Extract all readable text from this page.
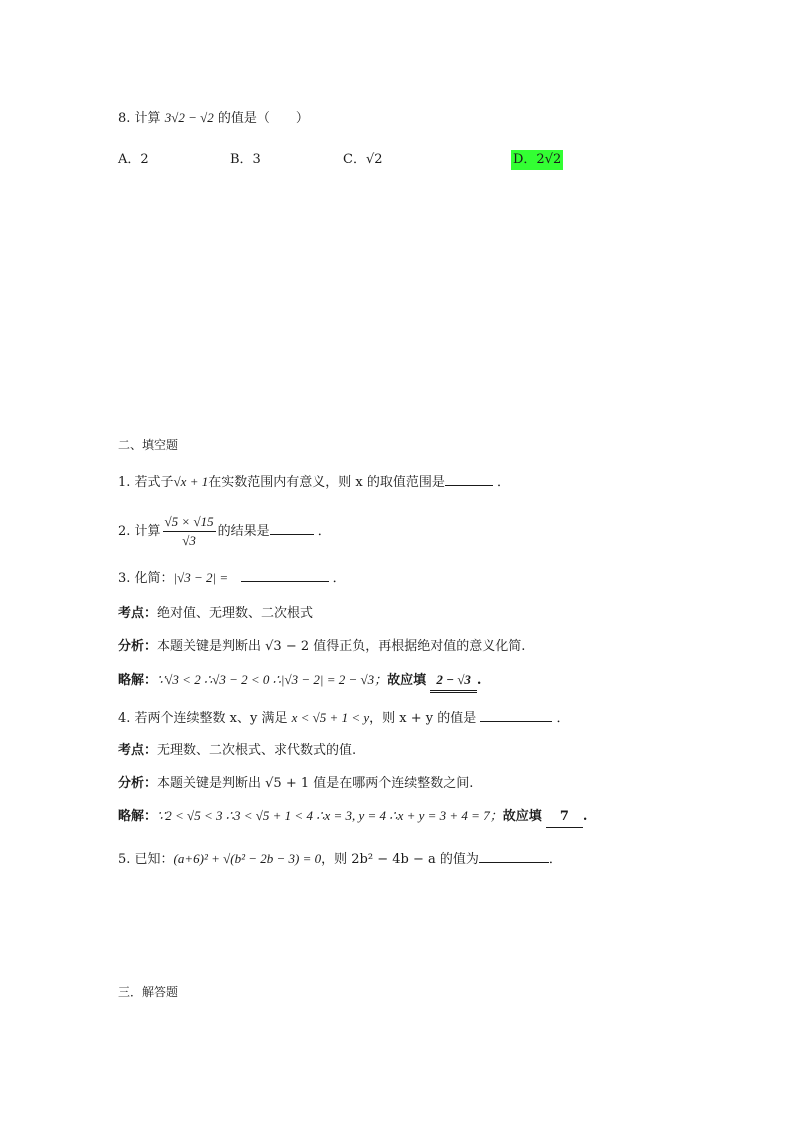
8. 计算 3√2 − √2 的值是（　　）
A．2	B．3	C．√2	D．2√2
二、填空题
1. 若式子√x + 1在实数范围内有意义，则 x 的取值范围是	．
2. 计算 $\frac{√5 \times √15}{√3}$ 的结果是	．
3. 化简：|√3 − 2| =	．
考点：绝对值、无理数、二次根式
分析：本题关键是判断出 √3 − 2 值得正负，再根据绝对值的意义化简.
略解：∵√3 < 2 ∴√3 − 2 < 0 ∴|√3 − 2| = 2 − √3；故应填 2 − √3 .
4. 若两个连续整数 x、y 满足 x < √5 + 1 < y，则 x + y 的值是	．
考点：无理数、二次根式、求代数式的值.
分析：本题关键是判断出 √5 + 1 值是在哪两个连续整数之间.
略解：∵2 < √5 < 3 ∴3 < √5 + 1 < 4 ∴x = 3, y = 4 ∴x + y = 3 + 4 = 7；故应填 7 .
5. 已知：(a+6)² + √(b² − 2b − 3) = 0，则 2b² − 4b − a 的值为	．
三．解答题
